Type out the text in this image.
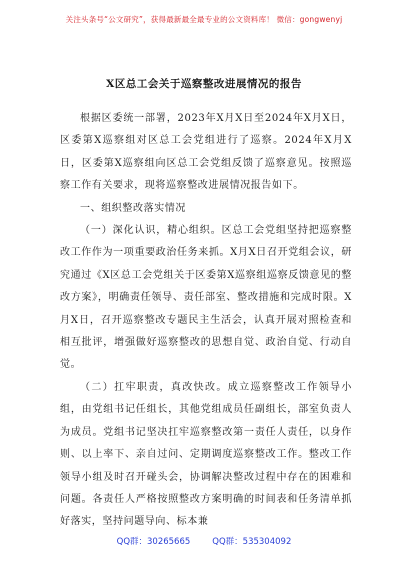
关注头条号“公文研究”，获得最新最全最专业的公文资料库！ 微信：gongwenyj
X区总工会关于巡察整改进展情况的报告

根据区委统一部署，2023年X月X日至2024年X月X日，区委第X巡察组对区总工会党组进行了巡察。2024年X月X日，区委第X巡察组向区总工会党组反馈了巡察意见。按照巡察工作有关要求，现将巡察整改进展情况报告如下。

一、组织整改落实情况

（一）深化认识，精心组织。区总工会党组坚持把巡察整改工作作为一项重要政治任务来抓。X月X日召开党组会议，研究通过《X区总工会党组关于区委第X巡察组巡察反馈意见的整改方案》，明确责任领导、责任部室、整改措施和完成时限。X月X日，召开巡察整改专题民主生活会，认真开展对照检查和相互批评，增强做好巡察整改的思想自觉、政治自觉、行动自觉。

（二）扛牢职责，真改快改。成立巡察整改工作领导小组，由党组书记任组长，其他党组成员任副组长，部室负责人为成员。党组书记坚决扛牢巡察整改第一责任人责任，以身作则、以上率下、亲自过问、定期调度巡察整改工作。整改工作领导小组及时召开碰头会，协调解决整改过程中存在的困难和问题。各责任人严格按照整改方案明确的时间表和任务清单抓好落实，坚持问题导向、标本兼

QQ群：30265665	QQ群：535304092
